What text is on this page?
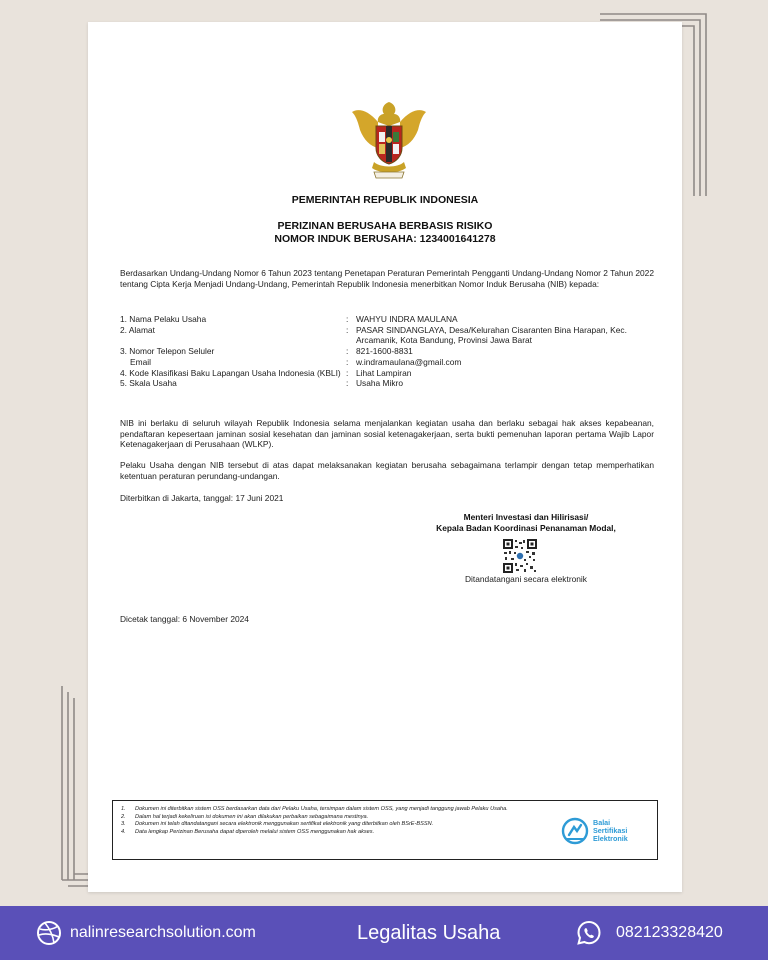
PEMERINTAH REPUBLIK INDONESIA
PERIZINAN BERUSAHA BERBASIS RISIKO
NOMOR INDUK BERUSAHA: 1234001641278
Berdasarkan Undang-Undang Nomor 6 Tahun 2023 tentang Penetapan Peraturan Pemerintah Pengganti Undang-Undang Nomor 2 Tahun 2022 tentang Cipta Kerja Menjadi Undang-Undang, Pemerintah Republik Indonesia menerbitkan Nomor Induk Berusaha (NIB) kepada:
1. Nama Pelaku Usaha	: WAHYU INDRA MAULANA
2. Alamat	: PASAR SINDANGLAYA, Desa/Kelurahan Cisaranten Bina Harapan, Kec. Arcamanik, Kota Bandung, Provinsi Jawa Barat
3. Nomor Telepon Seluler	: 821-1600-8831
Email	: w.indramaulana@gmail.com
4. Kode Klasifikasi Baku Lapangan Usaha Indonesia (KBLI) : Lihat Lampiran
5. Skala Usaha	: Usaha Mikro
NIB ini berlaku di seluruh wilayah Republik Indonesia selama menjalankan kegiatan usaha dan berlaku sebagai hak akses kepabeanan, pendaftaran kepesertaan jaminan sosial kesehatan dan jaminan sosial ketenagakerjaan, serta bukti pemenuhan laporan pertama Wajib Lapor Ketenagakerjaan di Perusahaan (WLKP).
Pelaku Usaha dengan NIB tersebut di atas dapat melaksanakan kegiatan berusaha sebagaimana terlampir dengan tetap memperhatikan ketentuan peraturan perundang-undangan.
Diterbitkan di Jakarta, tanggal: 17 Juni 2021
Menteri Investasi dan Hilirisasi/
Kepala Badan Koordinasi Penanaman Modal,
Ditandatangani secara elektronik
Dicetak tanggal: 6 November 2024
1.	Dokumen ini diterbitkan sistem OSS berdasarkan data dari Pelaku Usaha, tersimpan dalam sistem OSS, yang menjadi tanggung jawab Pelaku Usaha.
2.	Dalam hal terjadi kekeliruan isi dokumen ini akan dilakukan perbaikan sebagaimana mestinya.
3.	Dokumen ini telah ditandatangani secara elektronik menggunakan sertifikat elektronik yang diterbitkan oleh BSrE-BSSN.
4.	Data lengkap Perizinan Berusaha dapat diperoleh melalui sistem OSS menggunakan hak akses.
Balai
Sertifikasi
Elektronik
nalinresearchsolution.com	Legalitas Usaha	082123328420
